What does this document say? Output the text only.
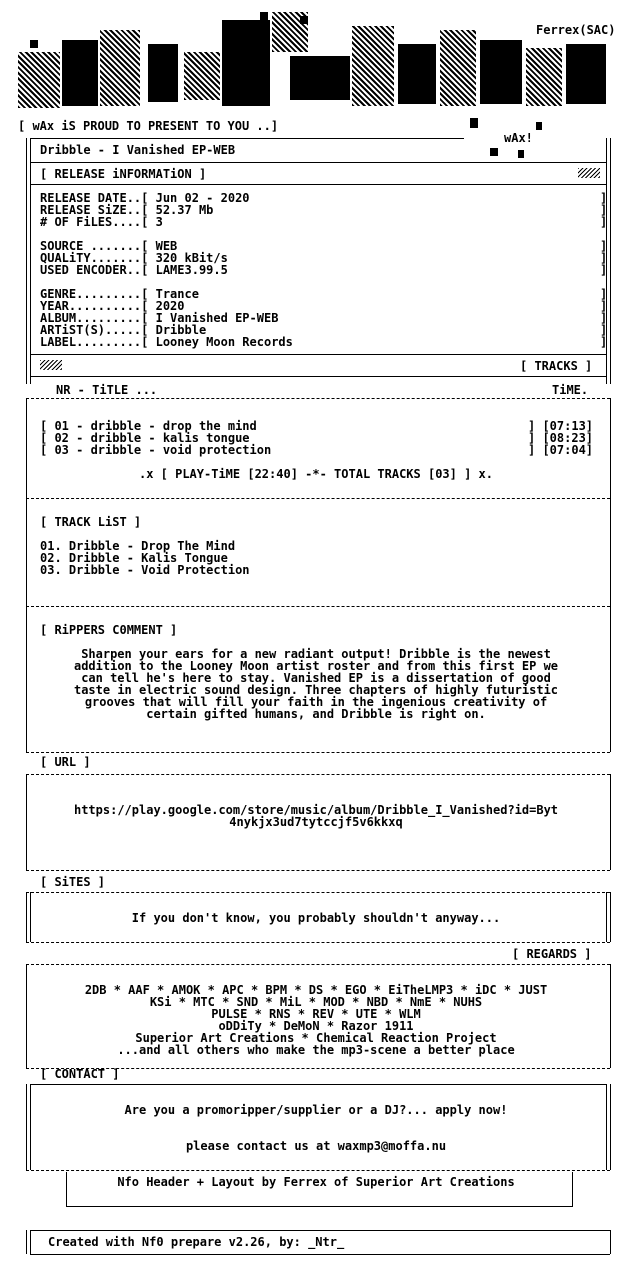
Ferrex(SAC)
wAx!
[ wAx iS PROUD TO PRESENT TO YOU ..]
Dribble - I Vanished EP-WEB
[ RELEASE iNFORMATiON ]
RELEASE DATE..[ Jun 02 - 2020
RELEASE SiZE..[ 52.37 Mb
# OF FiLES....[ 3
SOURCE .......[ WEB
QUALiTY.......[ 320 kBit/s
USED ENCODER..[ LAME3.99.5
GENRE.........[ Trance
YEAR..........[ 2020
ALBUM.........[ I Vanished EP-WEB
ARTiST(S).....[ Dribble
LABEL.........[ Looney Moon Records
]
]
]
]
]
]
]
]
]
]
]
[ TRACKS ]
NR - TiTLE ...	TiME.
[ 01 - dribble - drop the mind	] [07:13]
[ 02 - dribble - kalis tongue	] [08:23]
[ 03 - dribble - void protection	] [07:04]
.x [ PLAY-TiME [22:40] -*- TOTAL TRACKS [03] ] x.
[ TRACK LiST ]
01. Dribble - Drop The Mind
02. Dribble - Kalis Tongue
03. Dribble - Void Protection
[ RiPPERS C0MMENT ]
Sharpen your ears for a new radiant output! Dribble is the newest
addition to the Looney Moon artist roster and from this first EP we
can tell he's here to stay. Vanished EP is a dissertation of good
taste in electric sound design. Three chapters of highly futuristic
grooves that will fill your faith in the ingenious creativity of
certain gifted humans, and Dribble is right on.
[ URL ]
https://play.google.com/store/music/album/Dribble_I_Vanished?id=Byt
4nykjx3ud7tytccjf5v6kkxq
[ SiTES ]
If you don't know, you probably shouldn't anyway...
[ REGARDS ]
2DB * AAF * AMOK * APC * BPM * DS * EGO * EiTheLMP3 * iDC * JUST
KSi * MTC * SND * MiL * MOD * NBD * NmE * NUHS
PULSE * RNS * REV * UTE * WLM
oDDiTy * DeMoN * Razor 1911
Superior Art Creations * Chemical Reaction Project
...and all others who make the mp3-scene a better place
[ CONTACT ]
Are you a promoripper/supplier or a DJ?... apply now!
please contact us at waxmp3@moffa.nu
Nfo Header + Layout by Ferrex of Superior Art Creations
Created with Nf0 prepare v2.26, by: _Ntr_
